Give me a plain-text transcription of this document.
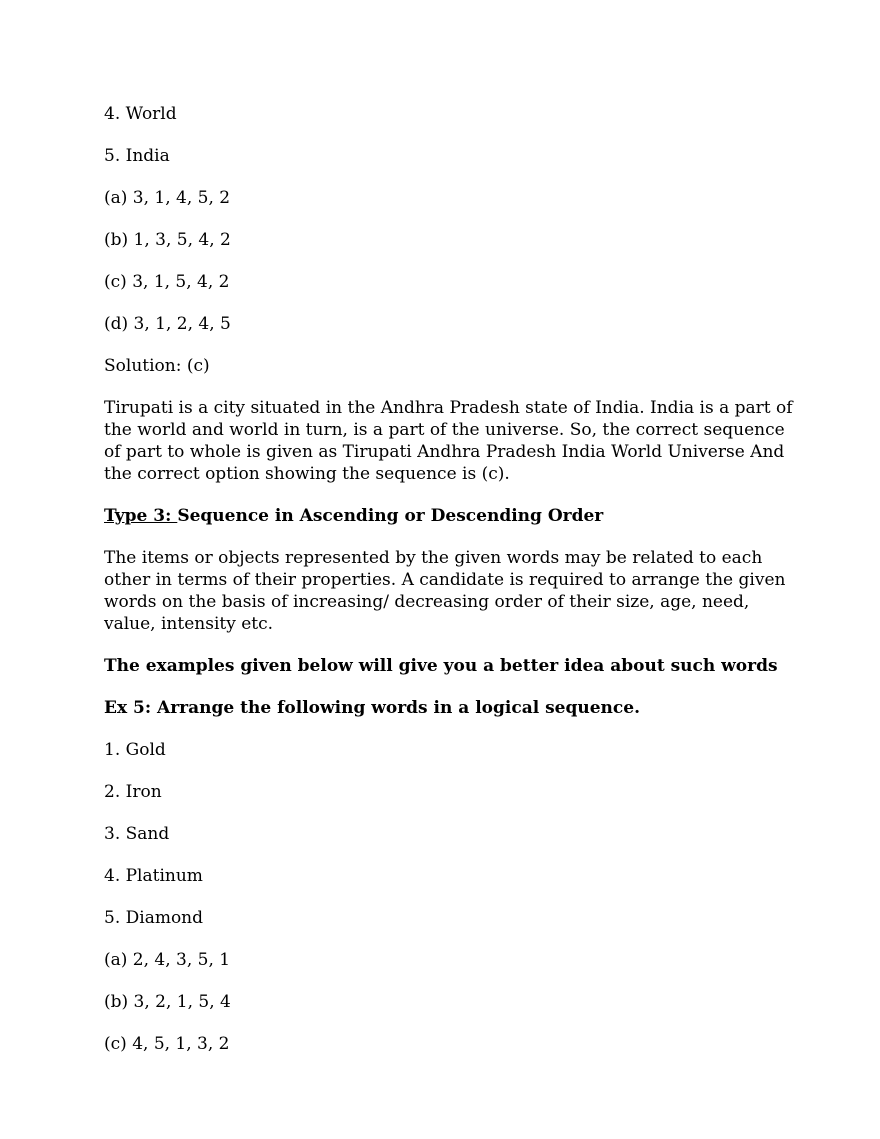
4. World

5. India

(a) 3, 1, 4, 5, 2

(b) 1, 3, 5, 4, 2

(c) 3, 1, 5, 4, 2

(d) 3, 1, 2, 4, 5

Solution: (c)

Tirupati is a city situated in the Andhra Pradesh state of India. India is a part of the world and world in turn, is a part of the universe. So, the correct sequence of part to whole is given as Tirupati Andhra Pradesh India World Universe And the correct option showing the sequence is (c).

Type 3: Sequence in Ascending or Descending Order

The items or objects represented by the given words may be related to each other in terms of their properties. A candidate is required to arrange the given words on the basis of increasing/ decreasing order of their size, age, need, value, intensity etc.

The examples given below will give you a better idea about such words

Ex 5: Arrange the following words in a logical sequence.

1. Gold

2. Iron

3. Sand

4. Platinum

5. Diamond

(a) 2, 4, 3, 5, 1

(b) 3, 2, 1, 5, 4

(c) 4, 5, 1, 3, 2
